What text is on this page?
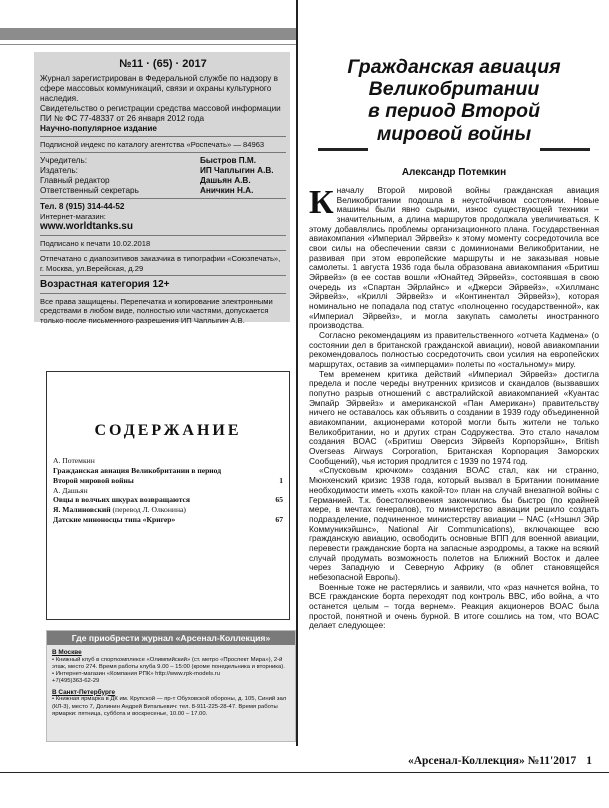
№11 · (65) · 2017
Журнал зарегистрирован в Федеральной службе по надзору в сфере массовых коммуникаций, связи и охраны культурного наследия.
Свидетельство о регистрации средства массовой информации ПИ № ФС 77-48337 от 26 января 2012 года
Научно-популярное издание
Подписной индекс по каталогу агентства «Роспечать» — 84963
Учредитель:	Быстров П.М.
Издатель:	ИП Чаплыгин А.В.
Главный редактор	Дашьян А.В.
Ответственный секретарь	Аничкин Н.А.
Тел. 8 (915) 314-44-52
Интернет-магазин:
www.worldtanks.su
Подписано к печати 10.02.2018
Отпечатано с диапозитивов заказчика в типографии «Союзпечать», г. Москва, ул.Верейская, д.29
Возрастная категория 12+
Все права защищены. Перепечатка и копирование электронными средствами в любом виде, полностью или частями, допускается только после письменного разрешения ИП Чаплыгин А.В.
СОДЕРЖАНИЕ
А. Потемкин
Гражданская авиация Великобритании в период
Второй мировой войны	1
А. Дашьян
Овцы в волчьих шкурах возвращаются	65
Я. Малиновский (перевод Л. Олконина)
Датские миноносцы типа «Кригер»	67
Где приобрести журнал «Арсенал-Коллекция»
В Москве
• Книжный клуб в спорткомплексе «Олимпийский» (ст. метро «Проспект Мира»), 2-й этаж, место 274. Время работы клуба 9.00 – 15:00 (кроме понедельника и вторника).
• Интернет-магазин «Компания РПК» http://www.rpk-models.ru
+7(495)363-62-29
В Санкт-Петербурге
• Книжная ярмарка в ДК им. Крупской — пр-т Обуховской обороны, д. 105, Синий зал (КЛ-3), место 7, Долинин Андрей Витальевич: тел. 8-911-225-28-47. Время работы ярмарки: пятница, суббота и воскресенье, 10.00 – 17.00.
Гражданская авиация
Великобритании
в период Второй
мировой войны
Александр Потемкин

Кначалу Второй мировой войны гражданская авиация Великобритании подошла в неустойчивом состоянии. Новые машины были явно сырыми, износ существующей техники – значительным, а длина маршрутов продолжала увеличиваться. К этому добавлялись проблемы организационного плана. Государственная авиакомпания «Империал Эйрвейз» к этому моменту сосредоточила все свои силы на обеспечении связи с доминионами Великобритании, не развивая при этом европейские маршруты и не заказывая новые самолеты. 1 августа 1936 года была образована авиакомпания «Бритиш Эйрвейз» (в ее состав вошли «Юнайтед Эйрвейз», состоявшая в свою очередь из «Спартан Эйрлайнс» и «Джерси Эйрвейз», «Хиллманс Эйрвейз», «Криллi Эйрвейз» и «Континентал Эйрвейз»), которая номинально не попадала под статус «полноценно государственной», как «Империал Эйрвейз», и могла закупать самолеты иностранного производства.

Согласно рекомендациям из правительственного «отчета Кадмена» (о состоянии дел в британской гражданской авиации), новой авиакомпании рекомендовалось полностью сосредоточить свои усилия на европейских маршрутах, оставив за «имперцами» полеты по «остальному» миру.

Тем временем критика действий «Империал Эйрвейз» достигла предела и после череды внутренних кризисов и скандалов (вызвавших попутно разрыв отношений с австралийской авиакомпанией «Куантас Эмпайр Эйрвейз» и американской «Пан Американ») правительству ничего не оставалось как объявить о создании в 1939 году объединенной авиакомпании, акционерами которой могли быть жители не только Великобритании, но и других стран Содружества. Это стало началом создания BOAC («Бритиш Оверсиз Эйрвейз Корпорэйшн», British Overseas Airways Corporation, Британская Корпорация Заморских Сообщений), чья история продлится с 1939 по 1974 год.

«Спусковым крючком» создания BOAC стал, как ни странно, Мюнхенский кризис 1938 года, который вызвал в Британии понимание необходимости иметь «хоть какой-то» план на случай внезапной войны с Германией. Т.к. боестолкновения закончились бы быстро (по крайней мере, в мечтах генералов), то министерство авиации решило создать подразделение, подчиненное министерству авиации – NAC («Нэшнл Эйр Коммуникэйшнс», National Air Communications), включающее всю гражданскую авиацию, освободить основные ВПП для военной авиации, перевести гражданские борта на запасные аэродромы, а также на всякий случай продумать возможность полетов на Ближний Восток и далее через Западную и Северную Африку (в облет становящейся небезопасной Европы).

Военные тоже не растерялись и заявили, что «раз начнется война, то ВСЕ гражданские борта переходят под контроль ВВС, ибо война, а что останется целым – тогда вернем». Реакция акционеров BOAC была простой, понятной и очень бурной. В итоге сошлись на том, что BOAC делает следующее:

«Арсенал-Коллекция» №11'2017 1
